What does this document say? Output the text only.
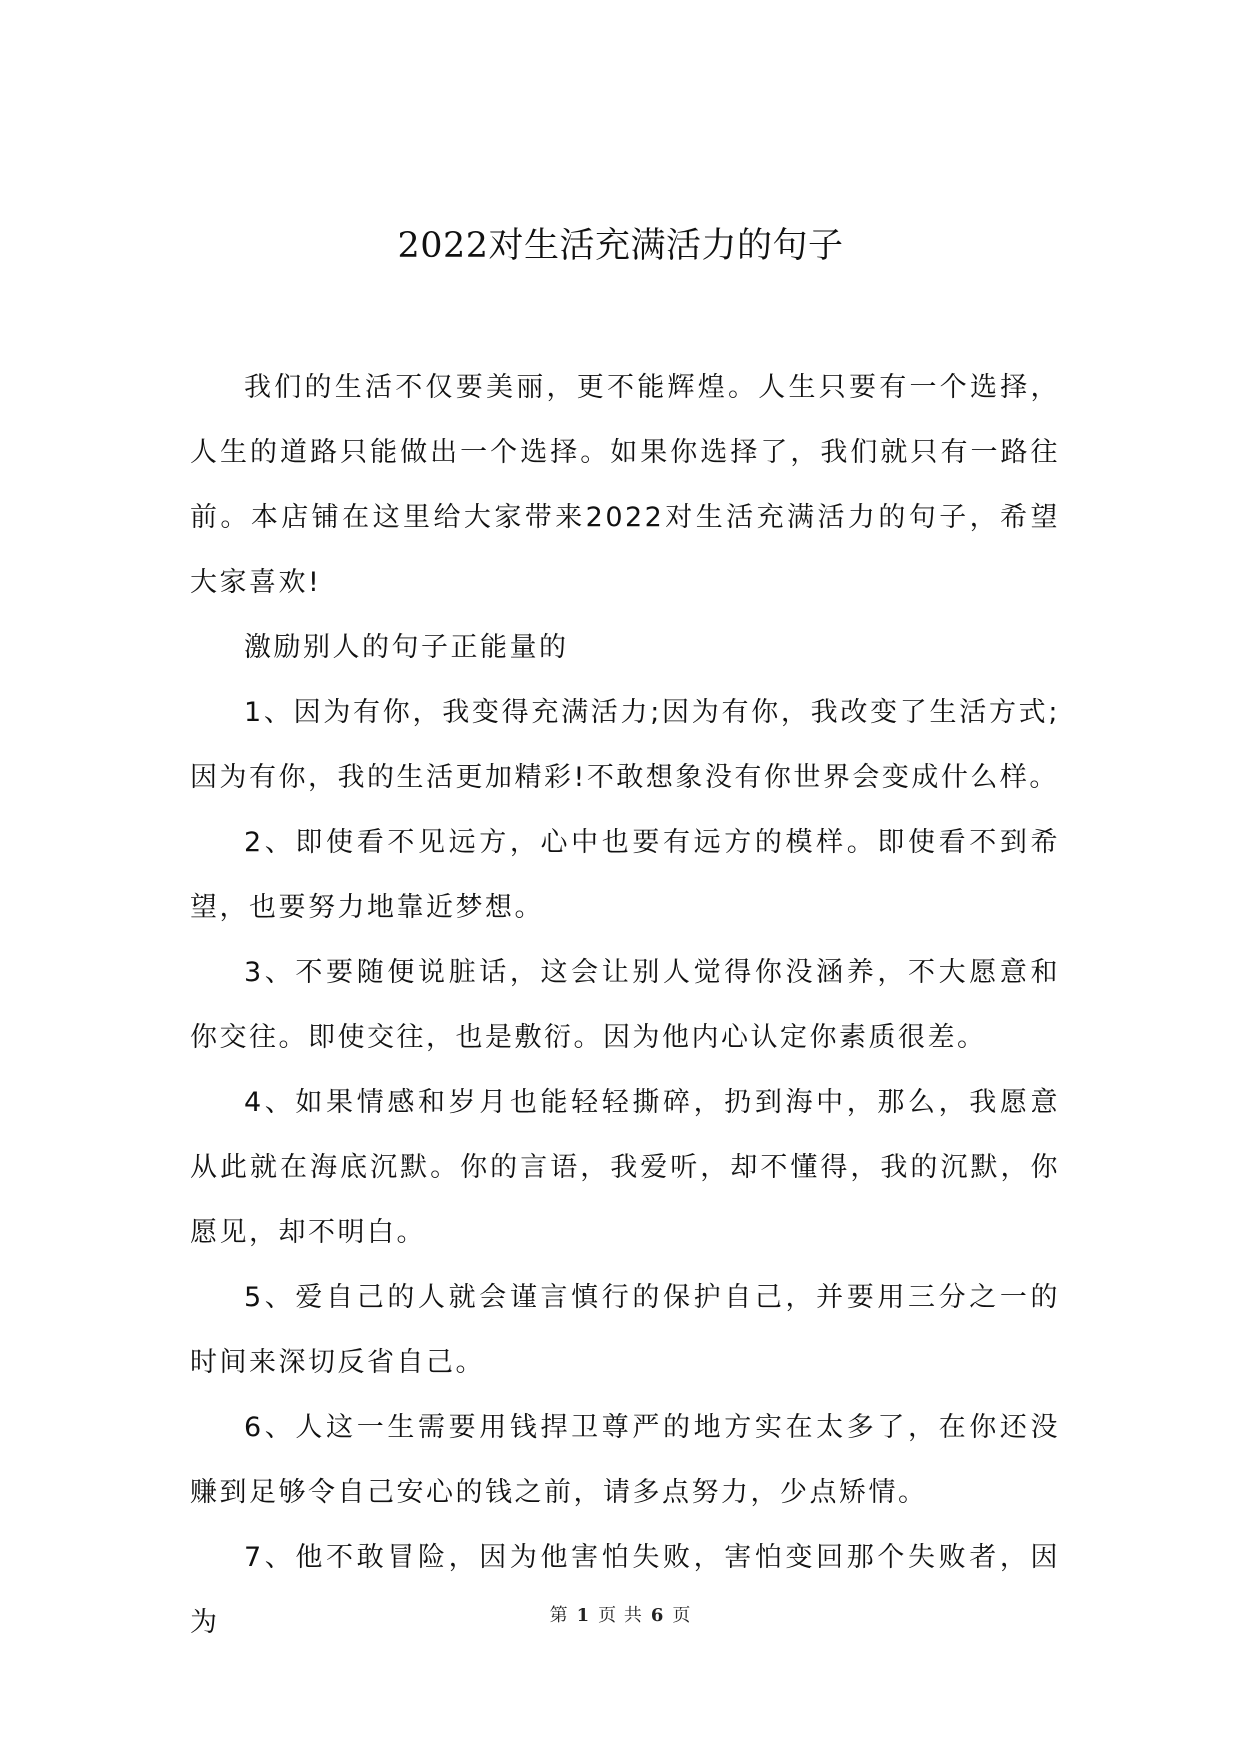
2022对生活充满活力的句子

我们的生活不仅要美丽，更不能辉煌。人生只要有一个选择，人生的道路只能做出一个选择。如果你选择了，我们就只有一路往前。本店铺在这里给大家带来2022对生活充满活力的句子，希望大家喜欢!

激励别人的句子正能量的

1、因为有你，我变得充满活力;因为有你，我改变了生活方式;因为有你，我的生活更加精彩!不敢想象没有你世界会变成什么样。

2、即使看不见远方，心中也要有远方的模样。即使看不到希望，也要努力地靠近梦想。

3、不要随便说脏话，这会让别人觉得你没涵养，不大愿意和你交往。即使交往，也是敷衍。因为他内心认定你素质很差。

4、如果情感和岁月也能轻轻撕碎，扔到海中，那么，我愿意从此就在海底沉默。你的言语，我爱听，却不懂得，我的沉默，你愿见，却不明白。

5、爱自己的人就会谨言慎行的保护自己，并要用三分之一的时间来深切反省自己。

6、人这一生需要用钱捍卫尊严的地方实在太多了，在你还没赚到足够令自己安心的钱之前，请多点努力，少点矫情。

7、他不敢冒险，因为他害怕失败，害怕变回那个失败者，因为	第 1 页 共 6 页
